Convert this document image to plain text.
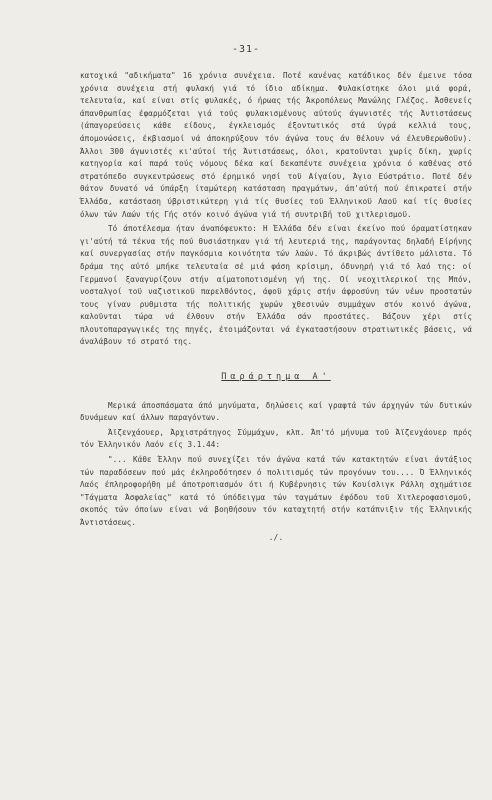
-31-

κατοχικά "αδικήματα" 16 χρόνια συνέχεια. Ποτέ κανένας κατάδικος δέν έμεινε τόσα χρόνια συνέχεια στή φυλακή γιά τό ίδιο αδίκημα. Φυλακίστηκε όλοι μιά φορά, τελευταία, καί είναι στίς φυλακές, ό ήρωας τής Άκροπόλεως Μανώλης Γλέζος. Άσθενείς άπανθρωπίας έφαρμόζεται γιά τούς φυλακισμένους αύτούς άγωνιστές τής Άντιστάσεως (άπαγορεύσεις κάθε είδους, έγκλεισμός έξοντωτικός στά ύγρά κελλιά τους, άπομονώσεις, έκβιασμοί νά άποκηρύξουν τόν άγώνα τους άν θέλουν νά έλευθερωθοϋν). Άλλοι 300 άγωνιστές κι'αύτοί τής Άντιστάσεως, όλοι, κρατοϋνται χωρίς δίκη, χωρίς κατηγορία καί παρά τούς νόμους δέκα καί δεκαπέντε συνέχεια χρόνια ό καθένας στό στρατόπεδο συγκεντρώσεως στό έρημικό νησί τοϋ Αίγαίου, Άγιο Εύστράτιο. Ποτέ δέν θάτον δυνατό νά ύπάρξη ίταμώτερη κατάσταση πραγμάτων, άπ'αύτή πού έπικρατεί στήν Έλλάδα, κατάσταση ύβριστικώτερη γιά τίς θυσίες τοϋ Έλληνικοϋ Λαοϋ καί τίς θυσίες όλων τών Λαών τής Γής στόν κοινό άγώνα γιά τή συντριβή τοϋ χιτλερισμοϋ.

Τό άποτέλεσμα ήταν άναπόφευκτο: Η Έλλάδα δέν είναι έκείνο πού όραματίστηκαν γι'αύτή τά τέκνα τής πού θυσιάστηκαν γιά τή λευτεριά της, παράγοντας δηλαδή Είρήνης καί συνεργασίας στήν παγκόσμια κοινότητα τών λαών. Τό άκριβώς άντίθετο μάλιστα. Τό δράμα της αύτό μπήκε τελευταία σέ μιά φάση κρίσιμη, όδυνηρή γιά τό λαό της: οί Γερμανοί ξαναγυρίζουν στήν αίματοποτισμένη γή της. Οί νεοχιτλερικοί της Μπόν, νοσταλγοί τοϋ ναζιστικοϋ παρελθόντος, άφοϋ χάρις στήν άφροσύνη τών νέων προστατών τους γίναν ρυθμιστα τής πολιτικής χωρών χθεσινών συμμάχων στόν κοινό άγώνα, καλοϋνται τώρα νά έλθουν στήν Έλλάδα σάν προστάτες. Βάζουν χέρι στίς πλουτοπαραγωγικές της πηγές, έτοιμάζονται νά έγκαταστήσουν στρατιωτικές βάσεις, νά άναλάβουν τό στρατό της.

Παράρτημα Α'

Μερικά άποσπάσματα άπό μηνύματα, δηλώσεις καί γραφτά τών άρχηγών τών δυτικών δυνάμεων καί άλλων παραγόντων.

Άϊζενχάουερ, Άρχιστράτηγος Σύμμάχων, κλπ. Άπ'τό μήνυμα τοϋ Άϊζενχάουερ πρός τόν Έλληνικόν Λαόν είς 3.1.44:

"... Κάθε Έλλην πού συνεχίζει τόν άγώνα κατά τών κατακτητών είναι άντάξιος τών παραδόσεων πού μάς έκληροδότησεν ό πολιτισμός τών προγόνων του.... Ό Έλληνικός Λαός έπληροφορήθη μέ άποτροπιασμόν ότι ή Κυβέρνησις τών Κουίσλιγκ Ράλλη σχημάτισε "Τάγματα Άσφαλείας" κατά τό ύπόδειγμα τών ταγμάτων έφόδου τοϋ Χιτλεροφασισμοϋ, σκοπός τών όποίων είναι νά βοηθήσουν τόν καταχτητή στήν κατάπνιξιν τής Έλληνικής Άντιστάσεως.

./.
